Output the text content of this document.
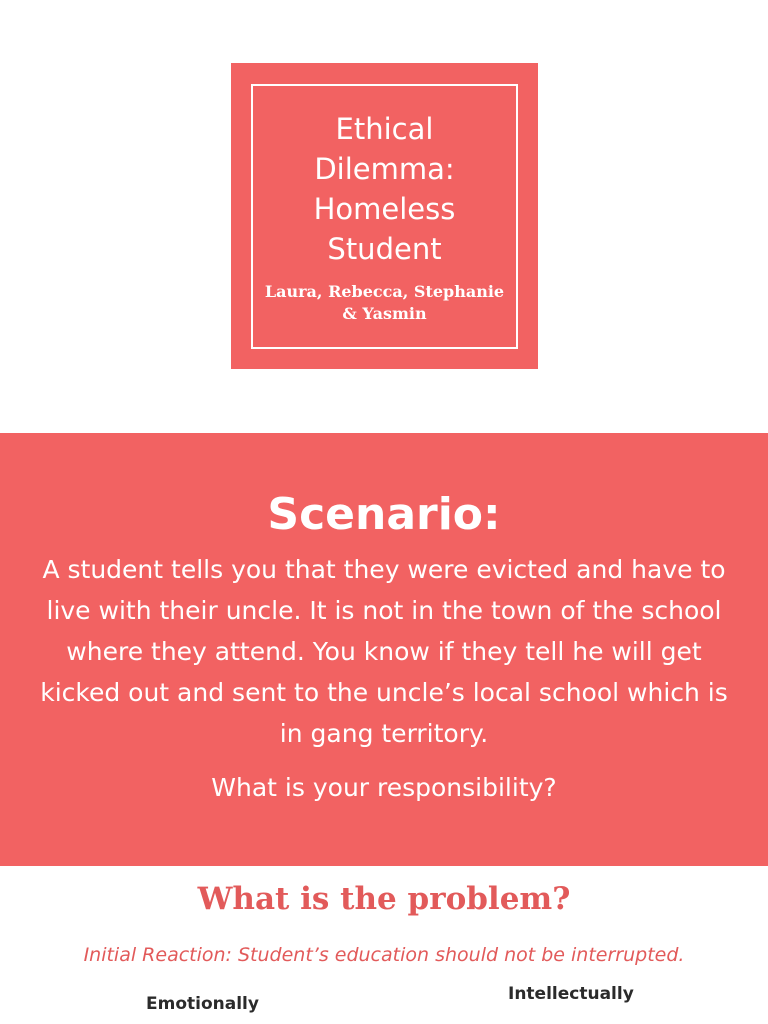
Ethical
Dilemma:
Homeless
Student
Laura, Rebecca, Stephanie
& Yasmin
Scenario:

A student tells you that they were evicted and have to
live with their uncle. It is not in the town of the school
where they attend. You know if they tell he will get
kicked out and sent to the uncle’s local school which is
in gang territory.

What is your responsibility?

What is the problem?

Initial Reaction: Student’s education should not be interrupted.

Emotionally	Intellectually
